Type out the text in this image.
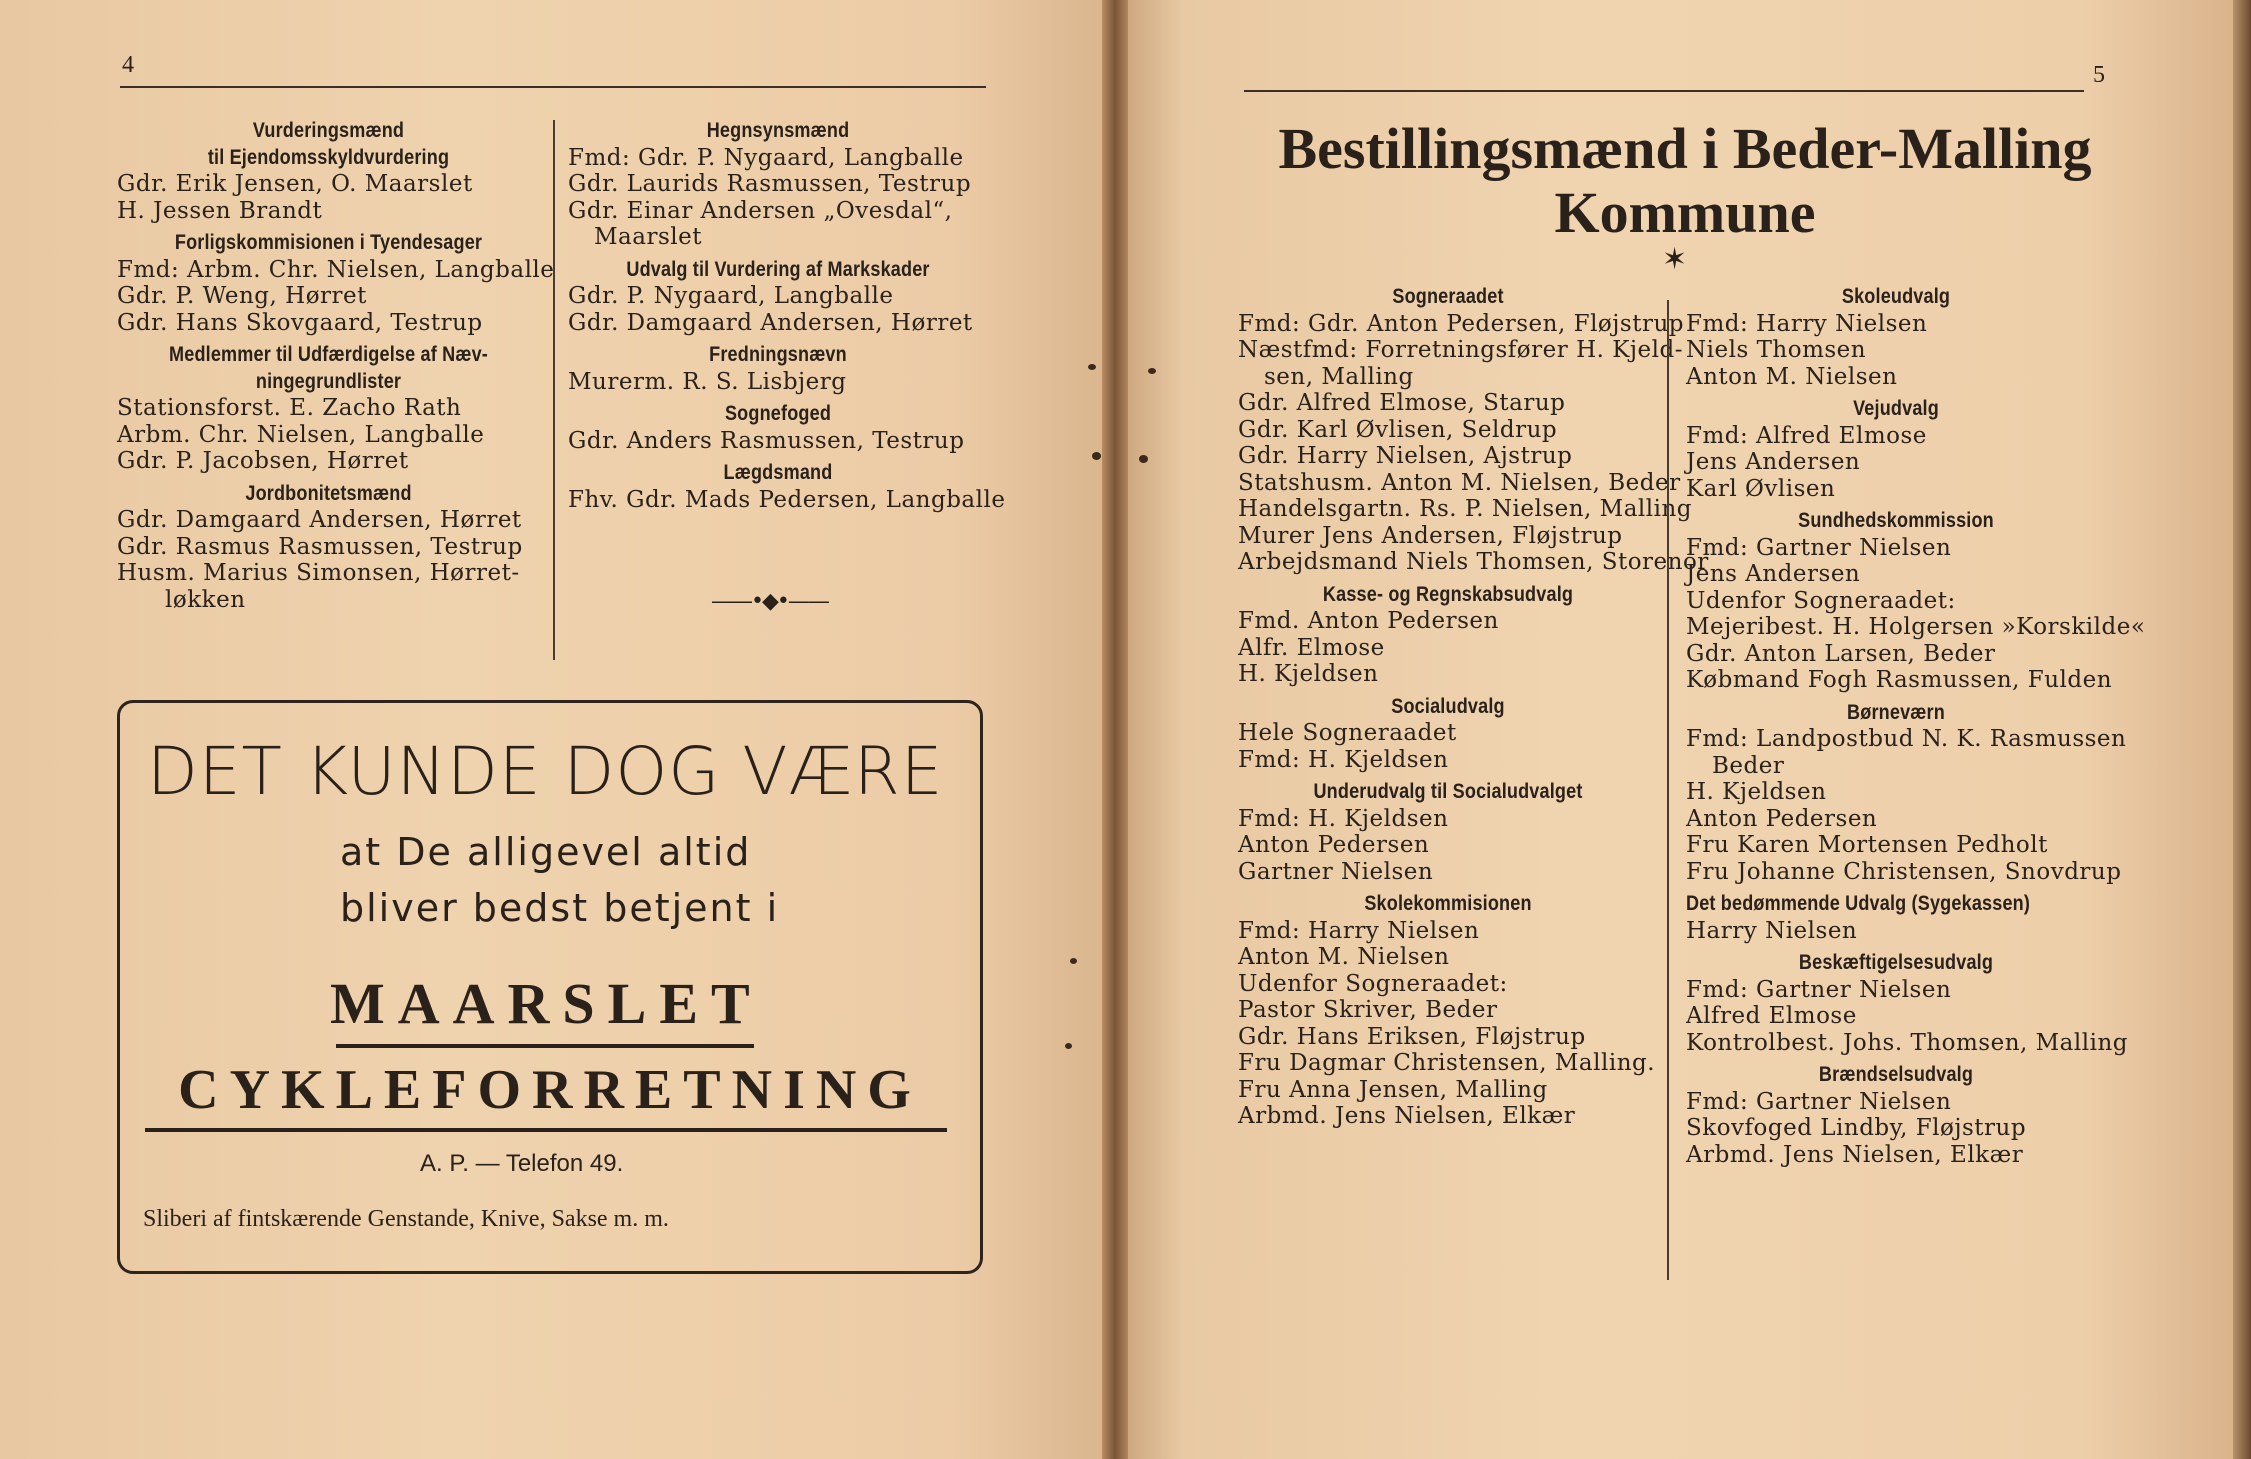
4
Vurderingsmænd
til Ejendomsskyldvurdering
Gdr. Erik Jensen, O. Maarslet
H. Jessen Brandt
Forligskommisionen i Tyendesager
Fmd: Arbm. Chr. Nielsen, Langballe
Gdr. P. Weng, Hørret
Gdr. Hans Skovgaard, Testrup
Medlemmer til Udfærdigelse af Næv-
ningegrundlister
Stationsforst. E. Zacho Rath
Arbm. Chr. Nielsen, Langballe
Gdr. P. Jacobsen, Hørret
Jordbonitetsmænd
Gdr. Damgaard Andersen, Hørret
Gdr. Rasmus Rasmussen, Testrup
Husm. Marius Simonsen, Hørret-
løkken
Hegnsynsmænd
Fmd: Gdr. P. Nygaard, Langballe
Gdr. Laurids Rasmussen, Testrup
Gdr. Einar Andersen „Ovesdal“,
Maarslet
Udvalg til Vurdering af Markskader
Gdr. P. Nygaard, Langballe
Gdr. Damgaard Andersen, Hørret
Fredningsnævn
Murerm. R. S. Lisbjerg
Sognefoged
Gdr. Anders Rasmussen, Testrup
Lægdsmand
Fhv. Gdr. Mads Pedersen, Langballe
——•◆•——
DET KUNDE DOG VÆRE
at De alligevel altid
bliver bedst betjent i
MAARSLET
CYKLEFORRETNING
A. P. — Telefon 49.
Sliberi af fintskærende Genstande, Knive, Sakse m. m.
5
Bestillingsmænd i Beder-Malling
Kommune
✶
Sogneraadet
Fmd: Gdr. Anton Pedersen, Fløjstrup
Næstfmd: Forretningsfører H. Kjeld-
sen, Malling
Gdr. Alfred Elmose, Starup
Gdr. Karl Øvlisen, Seldrup
Gdr. Harry Nielsen, Ajstrup
Statshusm. Anton M. Nielsen, Beder
Handelsgartn. Rs. P. Nielsen, Malling
Murer Jens Andersen, Fløjstrup
Arbejdsmand Niels Thomsen, Storenor
Kasse- og Regnskabsudvalg
Fmd. Anton Pedersen
Alfr. Elmose
H. Kjeldsen
Socialudvalg
Hele Sogneraadet
Fmd: H. Kjeldsen
Underudvalg til Socialudvalget
Fmd: H. Kjeldsen
Anton Pedersen
Gartner Nielsen
Skolekommisionen
Fmd: Harry Nielsen
Anton M. Nielsen
Udenfor Sogneraadet:
Pastor Skriver, Beder
Gdr. Hans Eriksen, Fløjstrup
Fru Dagmar Christensen, Malling.
Fru Anna Jensen, Malling
Arbmd. Jens Nielsen, Elkær
Skoleudvalg
Fmd: Harry Nielsen
Niels Thomsen
Anton M. Nielsen
Vejudvalg
Fmd: Alfred Elmose
Jens Andersen
Karl Øvlisen
Sundhedskommission
Fmd: Gartner Nielsen
Jens Andersen
Udenfor Sogneraadet:
Mejeribest. H. Holgersen »Korskilde«
Gdr. Anton Larsen, Beder
Købmand Fogh Rasmussen, Fulden
Børneværn
Fmd: Landpostbud N. K. Rasmussen
Beder
H. Kjeldsen
Anton Pedersen
Fru Karen Mortensen Pedholt
Fru Johanne Christensen, Snovdrup
Det bedømmende Udvalg (Sygekassen)
Harry Nielsen
Beskæftigelsesudvalg
Fmd: Gartner Nielsen
Alfred Elmose
Kontrolbest. Johs. Thomsen, Malling
Brændselsudvalg
Fmd: Gartner Nielsen
Skovfoged Lindby, Fløjstrup
Arbmd. Jens Nielsen, Elkær
